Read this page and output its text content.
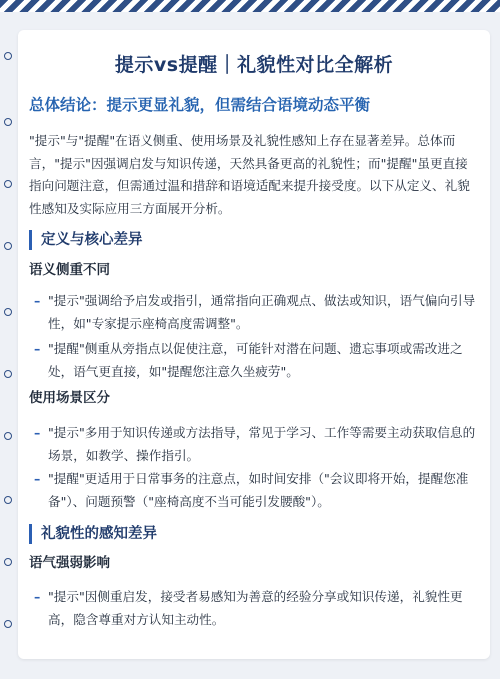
提示vs提醒｜礼貌性对比全解析
总体结论：提示更显礼貌，但需结合语境动态平衡
"提示"与"提醒"在语义侧重、使用场景及礼貌性感知上存在显著差异。总体而言，"提示"因强调启发与知识传递，天然具备更高的礼貌性；而"提醒"虽更直接指向问题注意，但需通过温和措辞和语境适配来提升接受度。以下从定义、礼貌性感知及实际应用三方面展开分析。
定义与核心差异
语义侧重不同
– "提示"强调给予启发或指引，通常指向正确观点、做法或知识，语气偏向引导性，如"专家提示座椅高度需调整"。
– "提醒"侧重从旁指点以促使注意，可能针对潜在问题、遗忘事项或需改进之处，语气更直接，如"提醒您注意久坐疲劳"。
使用场景区分
– "提示"多用于知识传递或方法指导，常见于学习、工作等需要主动获取信息的场景，如教学、操作指引。
– "提醒"更适用于日常事务的注意点，如时间安排（"会议即将开始，提醒您准备"）、问题预警（"座椅高度不当可能引发腰酸"）。
礼貌性的感知差异
语气强弱影响
– "提示"因侧重启发，接受者易感知为善意的经验分享或知识传递，礼貌性更高，隐含尊重对方认知主动性。
